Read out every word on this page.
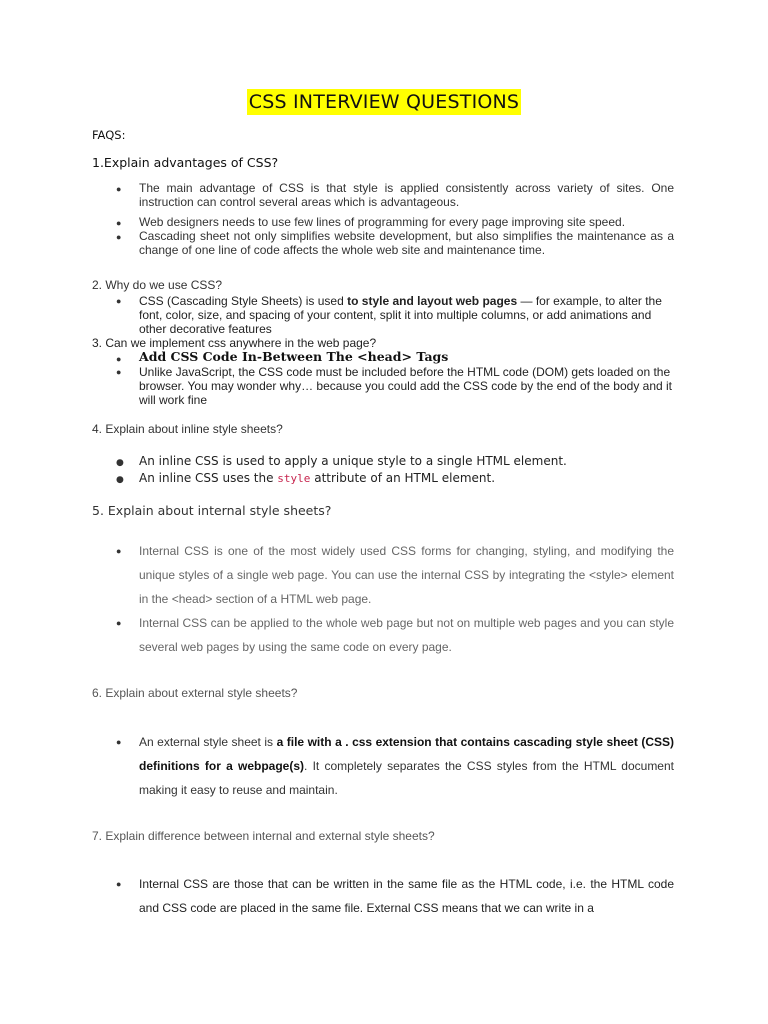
CSS INTERVIEW QUESTIONS
FAQS:
1.Explain advantages of CSS?
● The main advantage of CSS is that style is applied consistently across variety of sites. One instruction can control several areas which is advantageous.
● Web designers needs to use few lines of programming for every page improving site speed.
● Cascading sheet not only simplifies website development, but also simplifies the maintenance as a change of one line of code affects the whole web site and maintenance time.
2. Why do we use CSS?
● CSS (Cascading Style Sheets) is used to style and layout web pages — for example, to alter the font, color, size, and spacing of your content, split it into multiple columns, or add animations and other decorative features
3. Can we implement css anywhere in the web page?
● Add CSS Code In-Between The <head> Tags
● Unlike JavaScript, the CSS code must be included before the HTML code (DOM) gets loaded on the browser. You may wonder why… because you could add the CSS code by the end of the body and it will work fine
4. Explain about inline style sheets?
● An inline CSS is used to apply a unique style to a single HTML element.
● An inline CSS uses the style attribute of an HTML element.
5. Explain about internal style sheets?
● Internal CSS is one of the most widely used CSS forms for changing, styling, and modifying the unique styles of a single web page. You can use the internal CSS by integrating the <style> element in the <head> section of a HTML web page.
● Internal CSS can be applied to the whole web page but not on multiple web pages and you can style several web pages by using the same code on every page.
6. Explain about external style sheets?
● An external style sheet is a file with a . css extension that contains cascading style sheet (CSS) definitions for a webpage(s). It completely separates the CSS styles from the HTML document making it easy to reuse and maintain.
7. Explain difference between internal and external style sheets?
● Internal CSS are those that can be written in the same file as the HTML code, i.e. the HTML code and CSS code are placed in the same file. External CSS means that we can write in a
